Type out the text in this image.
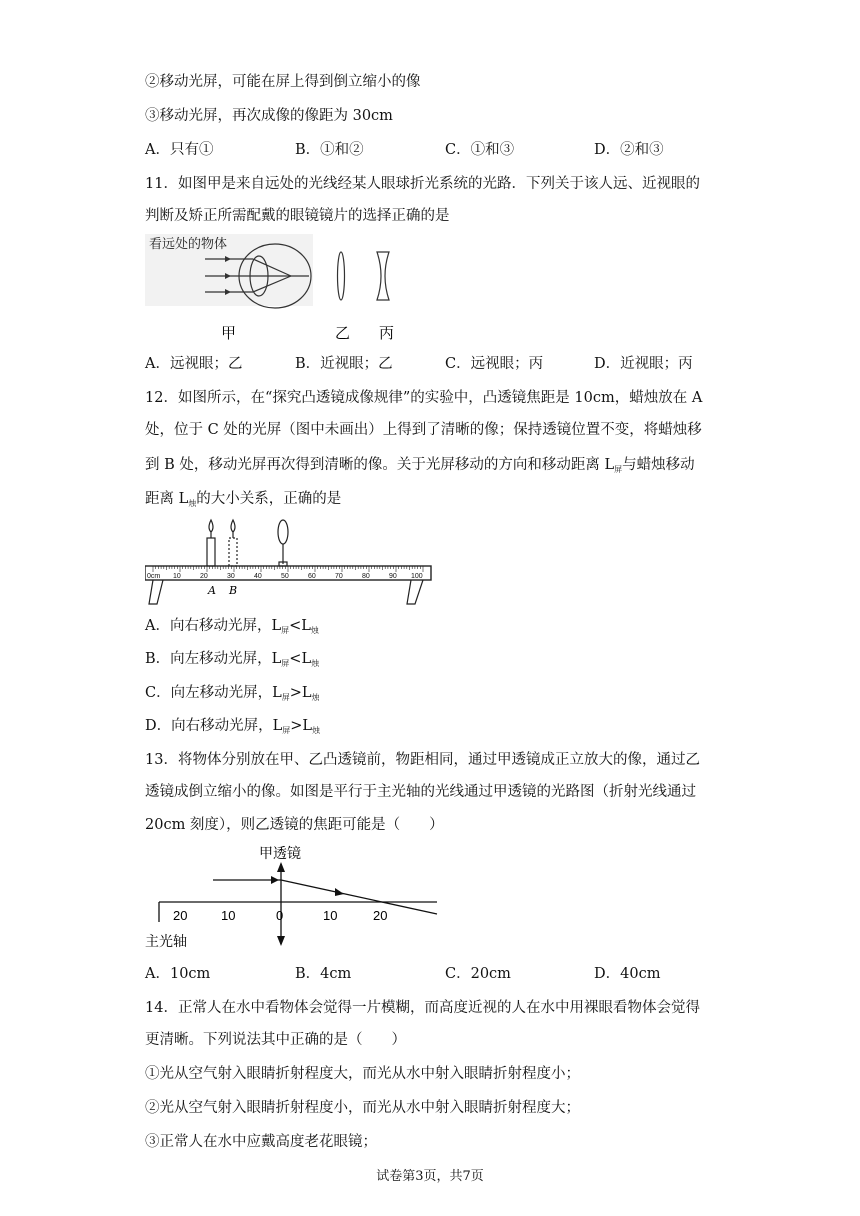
②移动光屏，可能在屏上得到倒立缩小的像
③移动光屏，再次成像的像距为 30cm
A．只有①	B．①和②	C．①和③	D．②和③
11．如图甲是来自远处的光线经某人眼球折光系统的光路．下列关于该人远、近视眼的
判断及矫正所需配戴的眼镜镜片的选择正确的是
看远处的物体
甲	乙 丙
A．远视眼；乙	B．近视眼；乙	C．远视眼；丙	D．近视眼；丙
12．如图所示，在“探究凸透镜成像规律”的实验中，凸透镜焦距是 10cm，蜡烛放在 A
处，位于 C 处的光屏（图中未画出）上得到了清晰的像；保持透镜位置不变，将蜡烛移
到 B 处，移动光屏再次得到清晰的像。关于光屏移动的方向和移动距离 $L_屏$与蜡烛移动
距离 $L_烛$的大小关系，正确的是
0cm 10	20	30	40	50	60	70	80	90 100
A B
A．向右移动光屏，$L_屏<L_烛$
B．向左移动光屏，$L_屏<L_烛$
C．向左移动光屏，$L_屏>L_烛$
D．向右移动光屏，$L_屏>L_烛$
13．将物体分别放在甲、乙凸透镜前，物距相同，通过甲透镜成正立放大的像，通过乙
透镜成倒立缩小的像。如图是平行于主光轴的光线通过甲透镜的光路图（折射光线通过
20cm 刻度），则乙透镜的焦距可能是（　　）
甲透镜
20	10	0	10	20
主光轴
A．10cm	B．4cm	C．20cm	D．40cm
14．正常人在水中看物体会觉得一片模糊，而高度近视的人在水中用裸眼看物体会觉得
更清晰。下列说法其中正确的是（　　）
①光从空气射入眼睛折射程度大，而光从水中射入眼睛折射程度小；
②光从空气射入眼睛折射程度小，而光从水中射入眼睛折射程度大；
③正常人在水中应戴高度老花眼镜；
试卷第3页，共7页
